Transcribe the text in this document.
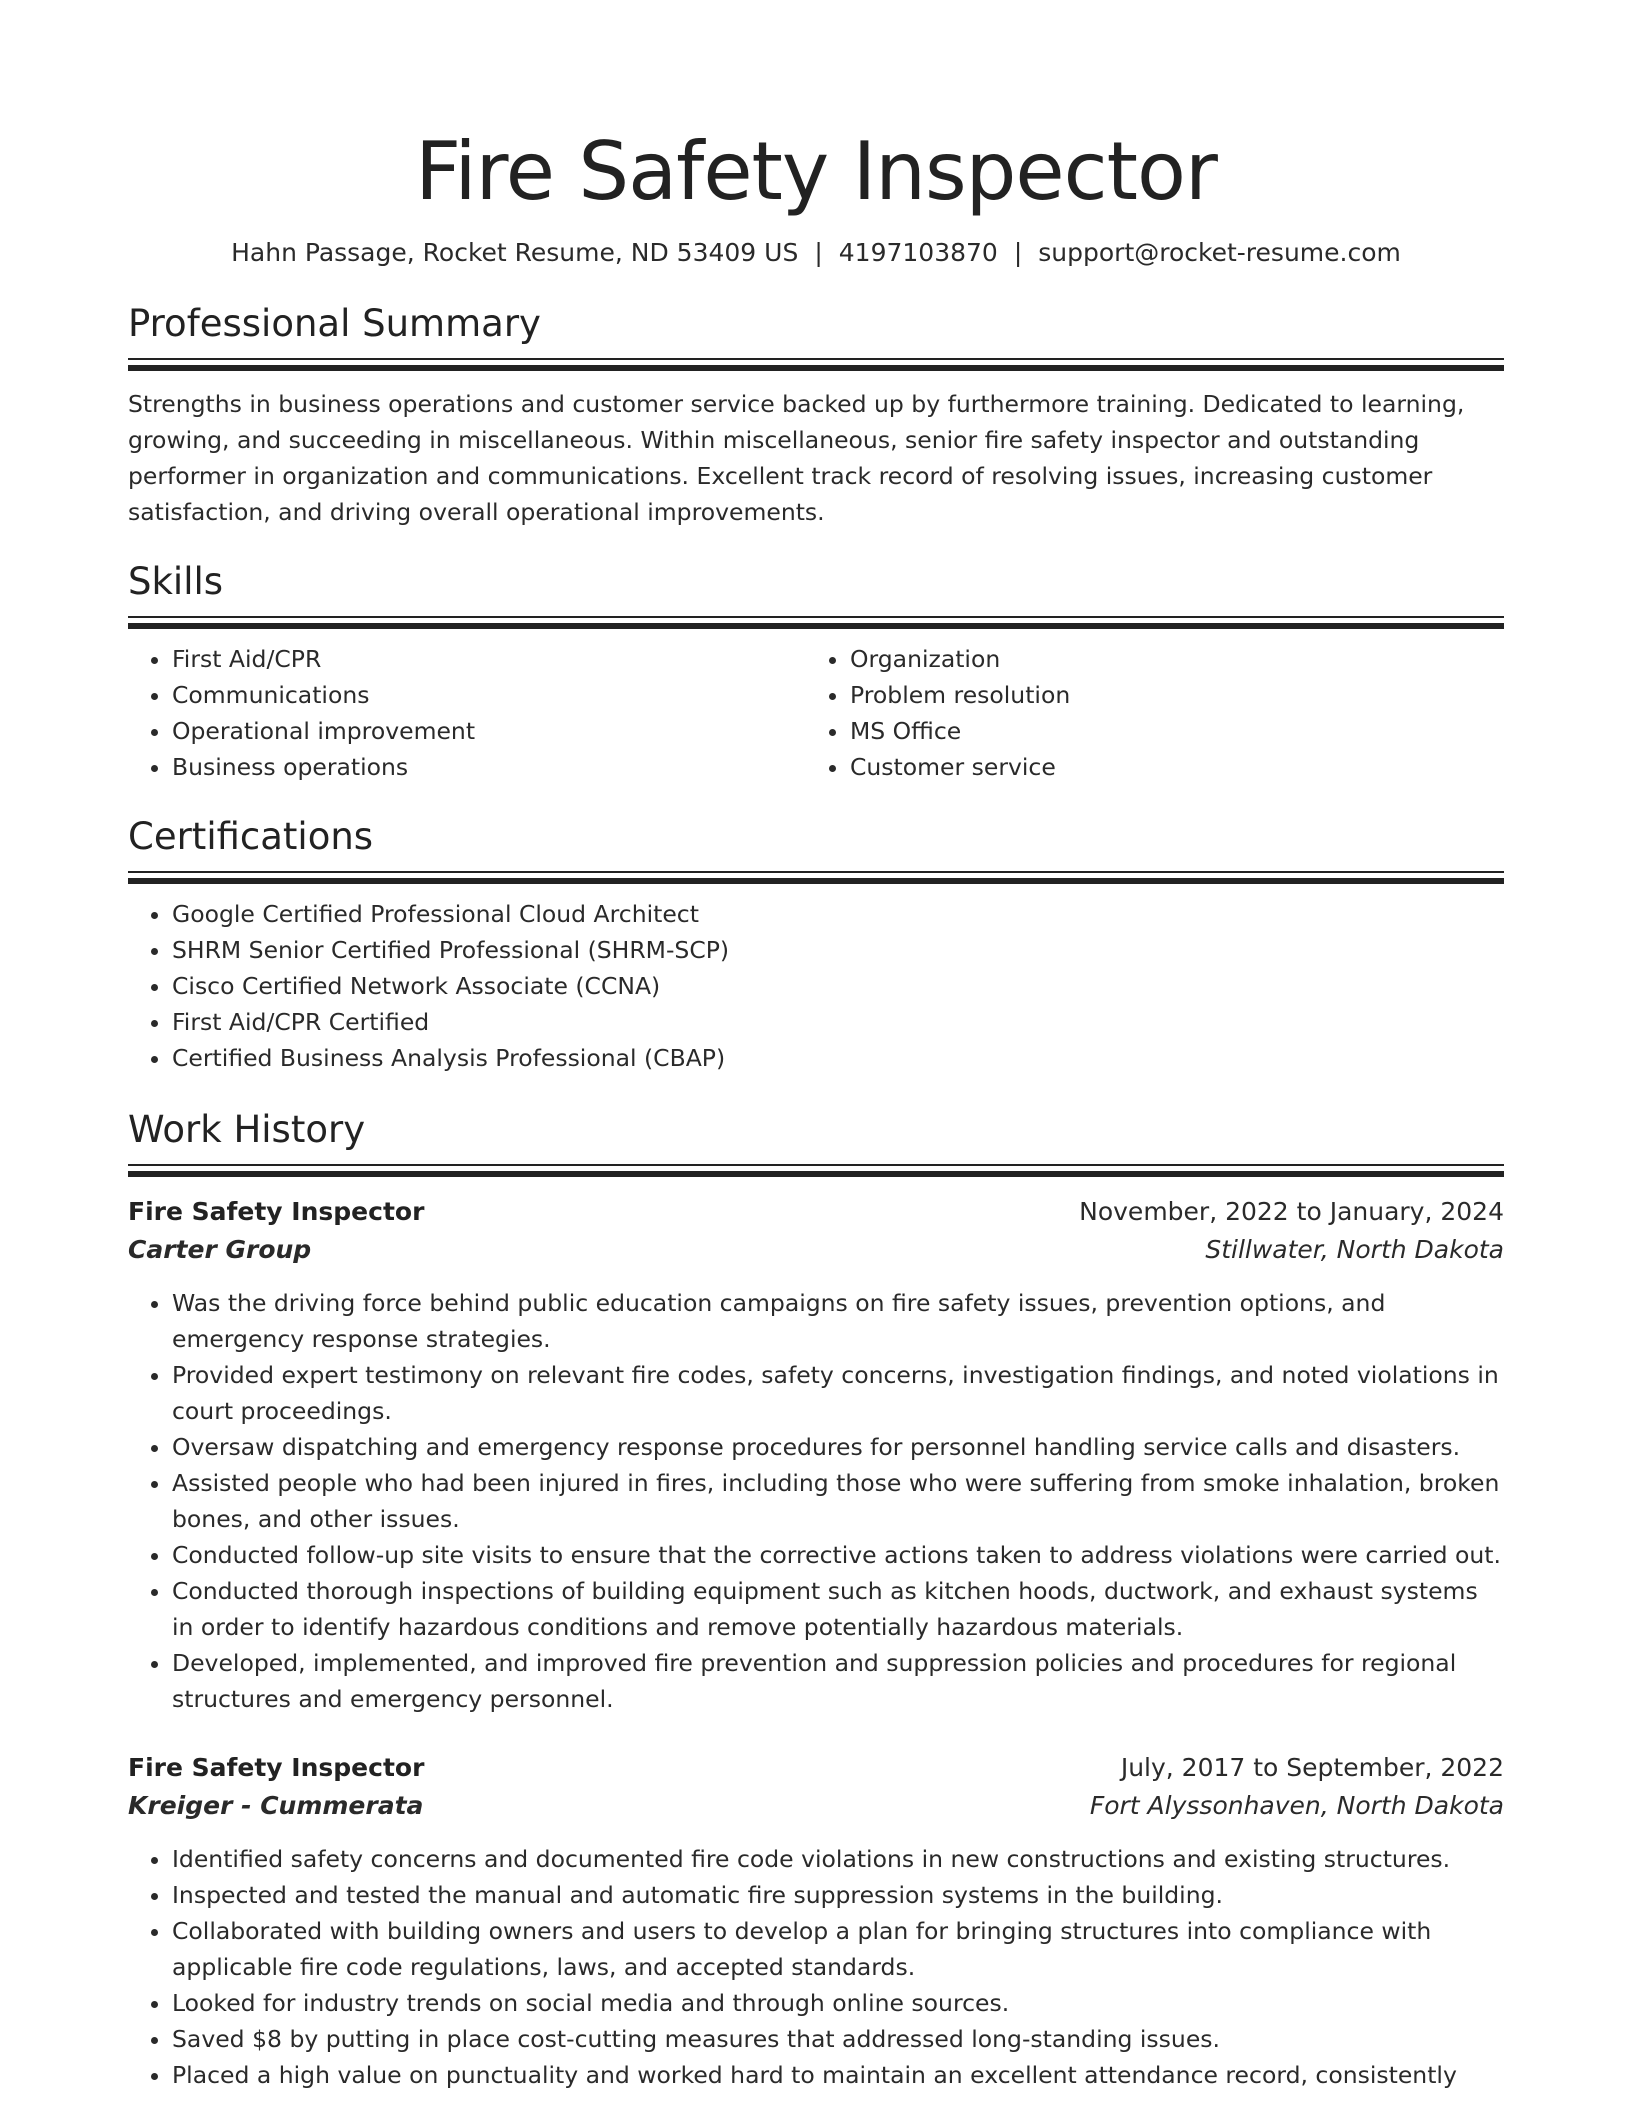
Fire Safety Inspector
Hahn Passage, Rocket Resume, ND 53409 US | 4197103870 | support@rocket-resume.com
Professional Summary

Strengths in business operations and customer service backed up by furthermore training. Dedicated to learning, growing, and succeeding in miscellaneous. Within miscellaneous, senior fire safety inspector and outstanding performer in organization and communications. Excellent track record of resolving issues, increasing customer satisfaction, and driving overall operational improvements.

Skills
• First Aid/CPR
• Communications
• Operational improvement
• Business operations
• Organization
• Problem resolution
• MS Office
• Customer service
Certifications
• Google Certified Professional Cloud Architect
• SHRM Senior Certified Professional (SHRM-SCP)
• Cisco Certified Network Associate (CCNA)
• First Aid/CPR Certified
• Certified Business Analysis Professional (CBAP)
Work History
Fire Safety Inspector	November, 2022 to January, 2024
Carter Group	Stillwater, North Dakota
• Was the driving force behind public education campaigns on fire safety issues, prevention options, and emergency response strategies.
• Provided expert testimony on relevant fire codes, safety concerns, investigation findings, and noted violations in court proceedings.
• Oversaw dispatching and emergency response procedures for personnel handling service calls and disasters.
• Assisted people who had been injured in fires, including those who were suffering from smoke inhalation, broken bones, and other issues.
• Conducted follow-up site visits to ensure that the corrective actions taken to address violations were carried out.
• Conducted thorough inspections of building equipment such as kitchen hoods, ductwork, and exhaust systems in order to identify hazardous conditions and remove potentially hazardous materials.
• Developed, implemented, and improved fire prevention and suppression policies and procedures for regional structures and emergency personnel.
Fire Safety Inspector	July, 2017 to September, 2022
Kreiger - Cummerata	Fort Alyssonhaven, North Dakota
• Identified safety concerns and documented fire code violations in new constructions and existing structures.
• Inspected and tested the manual and automatic fire suppression systems in the building.
• Collaborated with building owners and users to develop a plan for bringing structures into compliance with applicable fire code regulations, laws, and accepted standards.
• Looked for industry trends on social media and through online sources.
• Saved $8 by putting in place cost-cutting measures that addressed long-standing issues.
• Placed a high value on punctuality and worked hard to maintain an excellent attendance record, consistently
